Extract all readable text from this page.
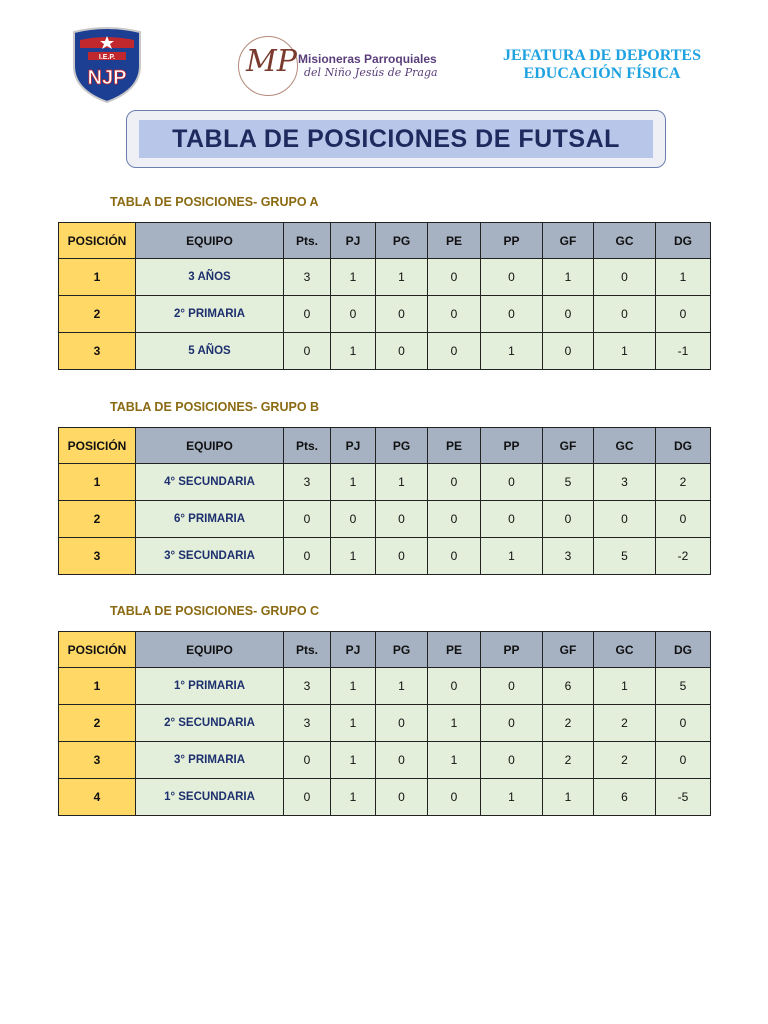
I.E.P.
NJP	MP Misioneras Parroquiales
del Niño Jesús de Praga
JEFATURA DE DEPORTES
EDUCACIÓN FÍSICA
TABLA DE POSICIONES DE FUTSAL
TABLA DE POSICIONES- GRUPO A
POSICIÓN	EQUIPO	Pts.	PJ	PG	PE	PP	GF	GC	DG
1	3 AÑOS	3	1	1	0	0	1	0	1
2	2° PRIMARIA	0	0	0	0	0	0	0	0
3	5 AÑOS	0	1	0	0	1	0	1	-1
TABLA DE POSICIONES- GRUPO B
POSICIÓN	EQUIPO	Pts.	PJ	PG	PE	PP	GF	GC	DG
1	4° SECUNDARIA	3	1	1	0	0	5	3	2
2	6° PRIMARIA	0	0	0	0	0	0	0	0
3	3° SECUNDARIA	0	1	0	0	1	3	5	-2
TABLA DE POSICIONES- GRUPO C
POSICIÓN	EQUIPO	Pts.	PJ	PG	PE	PP	GF	GC	DG
1	1° PRIMARIA	3	1	1	0	0	6	1	5
2	2° SECUNDARIA	3	1	0	1	0	2	2	0
3	3° PRIMARIA	0	1	0	1	0	2	2	0
4	1° SECUNDARIA	0	1	0	0	1	1	6	-5
